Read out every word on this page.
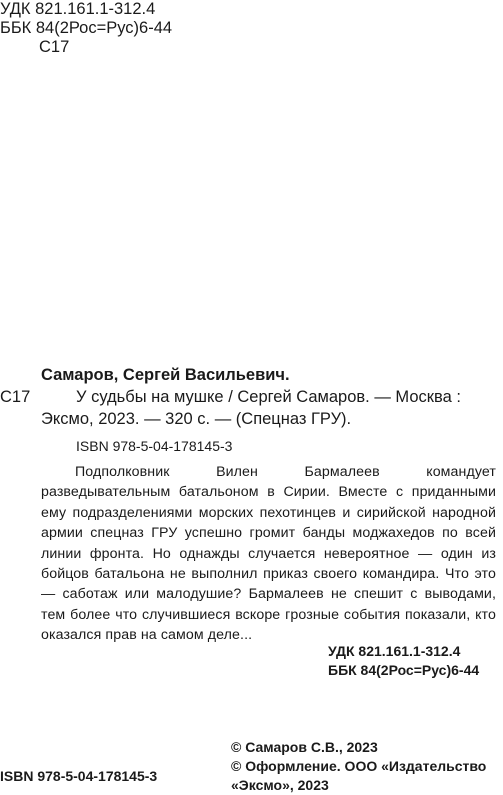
УДК 821.161.1-312.4
ББК 84(2Рос=Рус)6-44
С17
Самаров, Сергей Васильевич.
С17	У судьбы на мушке / Сергей Самаров. — Москва :
Эксмо, 2023. — 320 с. — (Спецназ ГРУ).
ISBN 978-5-04-178145-3
Подполковник Вилен Бармалеев командует разведывательным батальоном в Сирии. Вместе с приданными ему подразделениями морских пехотинцев и сирийской народной армии спецназ ГРУ успешно громит банды моджахедов по всей линии фронта. Но однажды случается невероятное — один из бойцов батальона не выполнил приказ своего командира. Что это — саботаж или малодушие? Бармалеев не спешит с выводами, тем более что случившиеся вскоре грозные события показали, кто оказался прав на самом деле...
УДК 821.161.1-312.4
ББК 84(2Рос=Рус)6-44
© Самаров С.В., 2023
© Оформление. ООО «Издательство
«Эксмо», 2023
ISBN 978-5-04-178145-3
